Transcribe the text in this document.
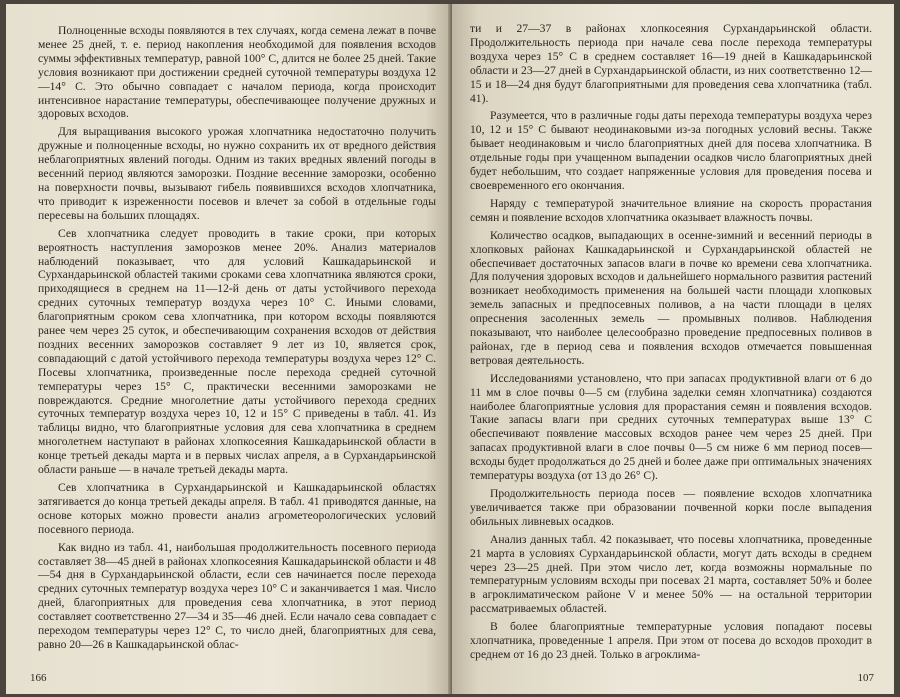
Полноценные всходы появляются в тех случаях, когда семена лежат в почве менее 25 дней, т. е. период накопления необходимой для появления всходов суммы эффективных температур, равной 100° С, длится не более 25 дней. Такие условия возникают при достижении средней суточной температуры воздуха 12—14° С. Это обычно совпадает с началом периода, когда происходит интенсивное нарастание температуры, обеспечивающее получение дружных и здоровых всходов.

Для выращивания высокого урожая хлопчатника недостаточно получить дружные и полноценные всходы, но нужно сохранить их от вредного действия неблагоприятных явлений погоды. Одним из таких вредных явлений погоды в весенний период являются заморозки. Поздние весенние заморозки, особенно на поверхности почвы, вызывают гибель появившихся всходов хлопчатника, что приводит к изреженности посевов и влечет за собой в отдельные годы пересевы на больших площадях.

Сев хлопчатника следует проводить в такие сроки, при которых вероятность наступления заморозков менее 20%. Анализ материалов наблюдений показывает, что для условий Кашкадарьинской и Сурхандарьинской областей такими сроками сева хлопчатника являются сроки, приходящиеся в среднем на 11—12-й день от даты устойчивого перехода средних суточных температур воздуха через 10° С. Иными словами, благоприятным сроком сева хлопчатника, при котором всходы появляются ранее чем через 25 суток, и обеспечивающим сохранения всходов от действия поздних весенних заморозков составляет 9 лет из 10, является срок, совпадающий с датой устойчивого перехода температуры воздуха через 12° С. Посевы хлопчатника, произведенные после перехода средней суточной температуры через 15° С, практически весенними заморозками не повреждаются. Средние многолетние даты устойчивого перехода средних суточных температур воздуха через 10, 12 и 15° С приведены в табл. 41. Из таблицы видно, что благоприятные условия для сева хлопчатника в среднем многолетнем наступают в районах хлопкосеяния Кашкадарьинской области в конце третьей декады марта и в первых числах апреля, а в Сурхандарьинской области раньше — в начале третьей декады марта.

Сев хлопчатника в Сурхандарьинской и Кашкадарьинской областях затягивается до конца третьей декады апреля. В табл. 41 приводятся данные, на основе которых можно провести анализ агрометеорологических условий посевного периода.

Как видно из табл. 41, наибольшая продолжительность посевного периода составляет 38—45 дней в районах хлопкосеяния Кашкадарьинской области и 48—54 дня в Сурхандарьинской области, если сев начинается после перехода средних суточных температур воздуха через 10° С и заканчивается 1 мая. Число дней, благоприятных для проведения сева хлопчатника, в этот период составляет соответственно 27—34 и 35—46 дней. Если начало сева совпадает с переходом температуры через 12° С, то число дней, благоприятных для сева, равно 20—26 в Кашкадарьинской облас-

166

ти и 27—37 в районах хлопкосеяния Сурхандарьинской области. Продолжительность периода при начале сева после перехода температуры воздуха через 15° С в среднем составляет 16—19 дней в Кашкадарьинской области и 23—27 дней в Сурхандарьинской области, из них соответственно 12—15 и 18—24 дня будут благоприятными для проведения сева хлопчатника (табл. 41).

Разумеется, что в различные годы даты перехода температуры воздуха через 10, 12 и 15° С бывают неодинаковыми из-за погодных условий весны. Также бывает неодинаковым и число благоприятных дней для посева хлопчатника. В отдельные годы при учащенном выпадении осадков число благоприятных дней будет небольшим, что создает напряженные условия для проведения посева и своевременного его окончания.

Наряду с температурой значительное влияние на скорость прорастания семян и появление всходов хлопчатника оказывает влажность почвы.

Количество осадков, выпадающих в осенне-зимний и весенний периоды в хлопковых районах Кашкадарьинской и Сурхандарьинской областей не обеспечивает достаточных запасов влаги в почве ко времени сева хлопчатника. Для получения здоровых всходов и дальнейшего нормального развития растений возникает необходимость применения на большей части площади хлопковых земель запасных и предпосевных поливов, а на части площади в целях опреснения засоленных земель — промывных поливов. Наблюдения показывают, что наиболее целесообразно проведение предпосевных поливов в районах, где в период сева и появления всходов отмечается повышенная ветровая деятельность.

Исследованиями установлено, что при запасах продуктивной влаги от 6 до 11 мм в слое почвы 0—5 см (глубина заделки семян хлопчатника) создаются наиболее благоприятные условия для прорастания семян и появления всходов. Такие запасы влаги при средних суточных температурах выше 13° С обеспечивают появление массовых всходов ранее чем через 25 дней. При запасах продуктивной влаги в слое почвы 0—5 см ниже 6 мм период посев—всходы будет продолжаться до 25 дней и более даже при оптимальных значениях температуры воздуха (от 13 до 26° С).

Продолжительность периода посев — появление всходов хлопчатника увеличивается также при образовании почвенной корки после выпадения обильных ливневых осадков.

Анализ данных табл. 42 показывает, что посевы хлопчатника, проведенные 21 марта в условиях Сурхандарьинской области, могут дать всходы в среднем через 23—25 дней. При этом число лет, когда возможны нормальные по температурным условиям всходы при посевах 21 марта, составляет 50% и более в агроклиматическом районе V и менее 50% — на остальной территории рассматриваемых областей.

В более благоприятные температурные условия попадают посевы хлопчатника, проведенные 1 апреля. При этом от посева до всходов проходит в среднем от 16 до 23 дней. Только в агроклима-

107
